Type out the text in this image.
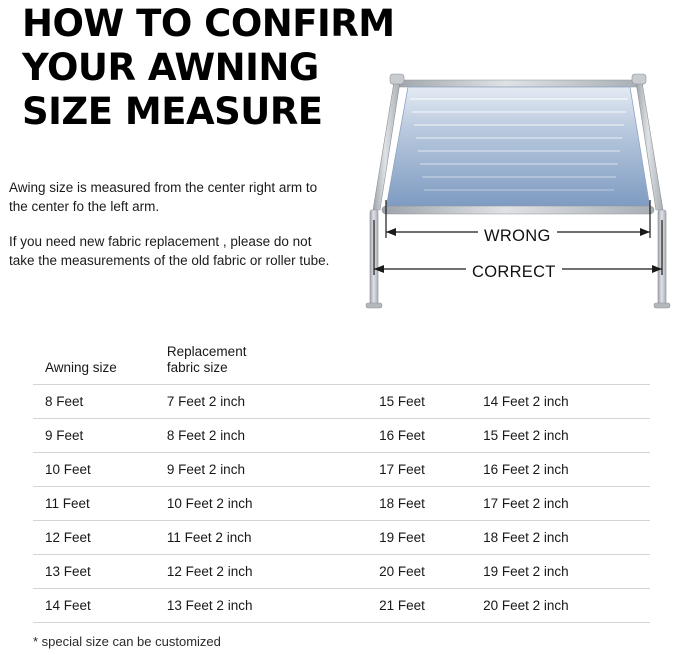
HOW TO CONFIRM
YOUR AWNING
SIZE MEASURE

Awing size is measured from the center right arm to the center fo the left arm.

If you need new fabric replacement , please do not take the measurements of the old fabric or roller tube.

WRONG
CORRECT
Awning size	Replacement
fabric size		
8 Feet	7 Feet 2 inch	15 Feet	14 Feet 2 inch
9 Feet	8 Feet 2 inch	16 Feet	15 Feet 2 inch
10 Feet	9 Feet 2 inch	17 Feet	16 Feet 2 inch
11 Feet	10 Feet 2 inch	18 Feet	17 Feet 2 inch
12 Feet	11 Feet 2 inch	19 Feet	18 Feet 2 inch
13 Feet	12 Feet 2 inch	20 Feet	19 Feet 2 inch
14 Feet	13 Feet 2 inch	21 Feet	20 Feet 2 inch
* special size can be customized
